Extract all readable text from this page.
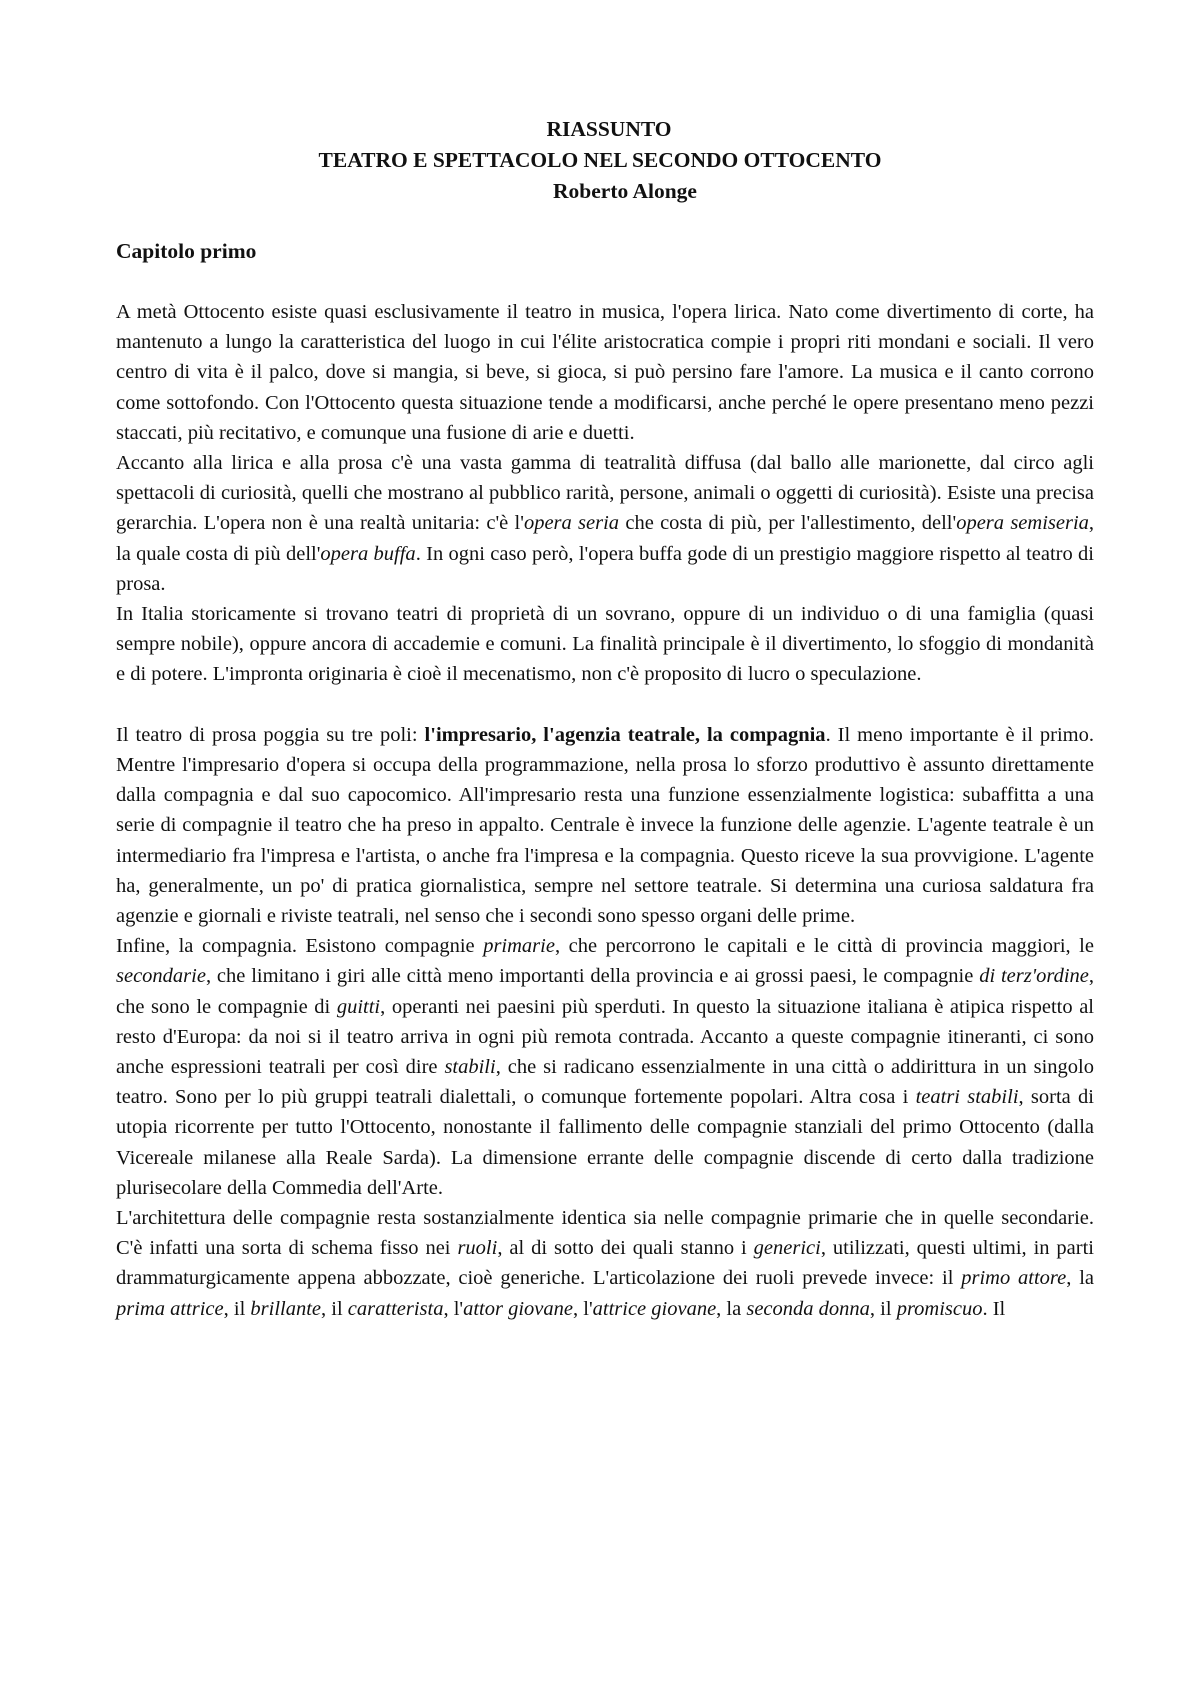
RIASSUNTO
TEATRO E SPETTACOLO NEL SECONDO OTTOCENTO
Roberto Alonge
Capitolo primo

A metà Ottocento esiste quasi esclusivamente il teatro in musica, l'opera lirica. Nato come divertimento di corte, ha mantenuto a lungo la caratteristica del luogo in cui l'élite aristocratica compie i propri riti mondani e sociali. Il vero centro di vita è il palco, dove si mangia, si beve, si gioca, si può persino fare l'amore. La musica e il canto corrono come sottofondo. Con l'Ottocento questa situazione tende a modificarsi, anche perché le opere presentano meno pezzi staccati, più recitativo, e comunque una fusione di arie e duetti.

Accanto alla lirica e alla prosa c'è una vasta gamma di teatralità diffusa (dal ballo alle marionette, dal circo agli spettacoli di curiosità, quelli che mostrano al pubblico rarità, persone, animali o oggetti di curiosità). Esiste una precisa gerarchia. L'opera non è una realtà unitaria: c'è l'opera seria che costa di più, per l'allestimento, dell'opera semiseria, la quale costa di più dell'opera buffa. In ogni caso però, l'opera buffa gode di un prestigio maggiore rispetto al teatro di prosa.

In Italia storicamente si trovano teatri di proprietà di un sovrano, oppure di un individuo o di una famiglia (quasi sempre nobile), oppure ancora di accademie e comuni. La finalità principale è il divertimento, lo sfoggio di mondanità e di potere. L'impronta originaria è cioè il mecenatismo, non c'è proposito di lucro o speculazione.

Il teatro di prosa poggia su tre poli: l'impresario, l'agenzia teatrale, la compagnia. Il meno importante è il primo. Mentre l'impresario d'opera si occupa della programmazione, nella prosa lo sforzo produttivo è assunto direttamente dalla compagnia e dal suo capocomico. All'impresario resta una funzione essenzialmente logistica: subaffitta a una serie di compagnie il teatro che ha preso in appalto. Centrale è invece la funzione delle agenzie. L'agente teatrale è un intermediario fra l'impresa e l'artista, o anche fra l'impresa e la compagnia. Questo riceve la sua provvigione. L'agente ha, generalmente, un po' di pratica giornalistica, sempre nel settore teatrale. Si determina una curiosa saldatura fra agenzie e giornali e riviste teatrali, nel senso che i secondi sono spesso organi delle prime.

Infine, la compagnia. Esistono compagnie primarie, che percorrono le capitali e le città di provincia maggiori, le secondarie, che limitano i giri alle città meno importanti della provincia e ai grossi paesi, le compagnie di terz'ordine, che sono le compagnie di guitti, operanti nei paesini più sperduti. In questo la situazione italiana è atipica rispetto al resto d'Europa: da noi si il teatro arriva in ogni più remota contrada. Accanto a queste compagnie itineranti, ci sono anche espressioni teatrali per così dire stabili, che si radicano essenzialmente in una città o addirittura in un singolo teatro. Sono per lo più gruppi teatrali dialettali, o comunque fortemente popolari. Altra cosa i teatri stabili, sorta di utopia ricorrente per tutto l'Ottocento, nonostante il fallimento delle compagnie stanziali del primo Ottocento (dalla Vicereale milanese alla Reale Sarda). La dimensione errante delle compagnie discende di certo dalla tradizione plurisecolare della Commedia dell'Arte.

L'architettura delle compagnie resta sostanzialmente identica sia nelle compagnie primarie che in quelle secondarie. C'è infatti una sorta di schema fisso nei ruoli, al di sotto dei quali stanno i generici, utilizzati, questi ultimi, in parti drammaturgicamente appena abbozzate, cioè generiche. L'articolazione dei ruoli prevede invece: il primo attore, la prima attrice, il brillante, il caratterista, l'attor giovane, l'attrice giovane, la seconda donna, il promiscuo. Il
